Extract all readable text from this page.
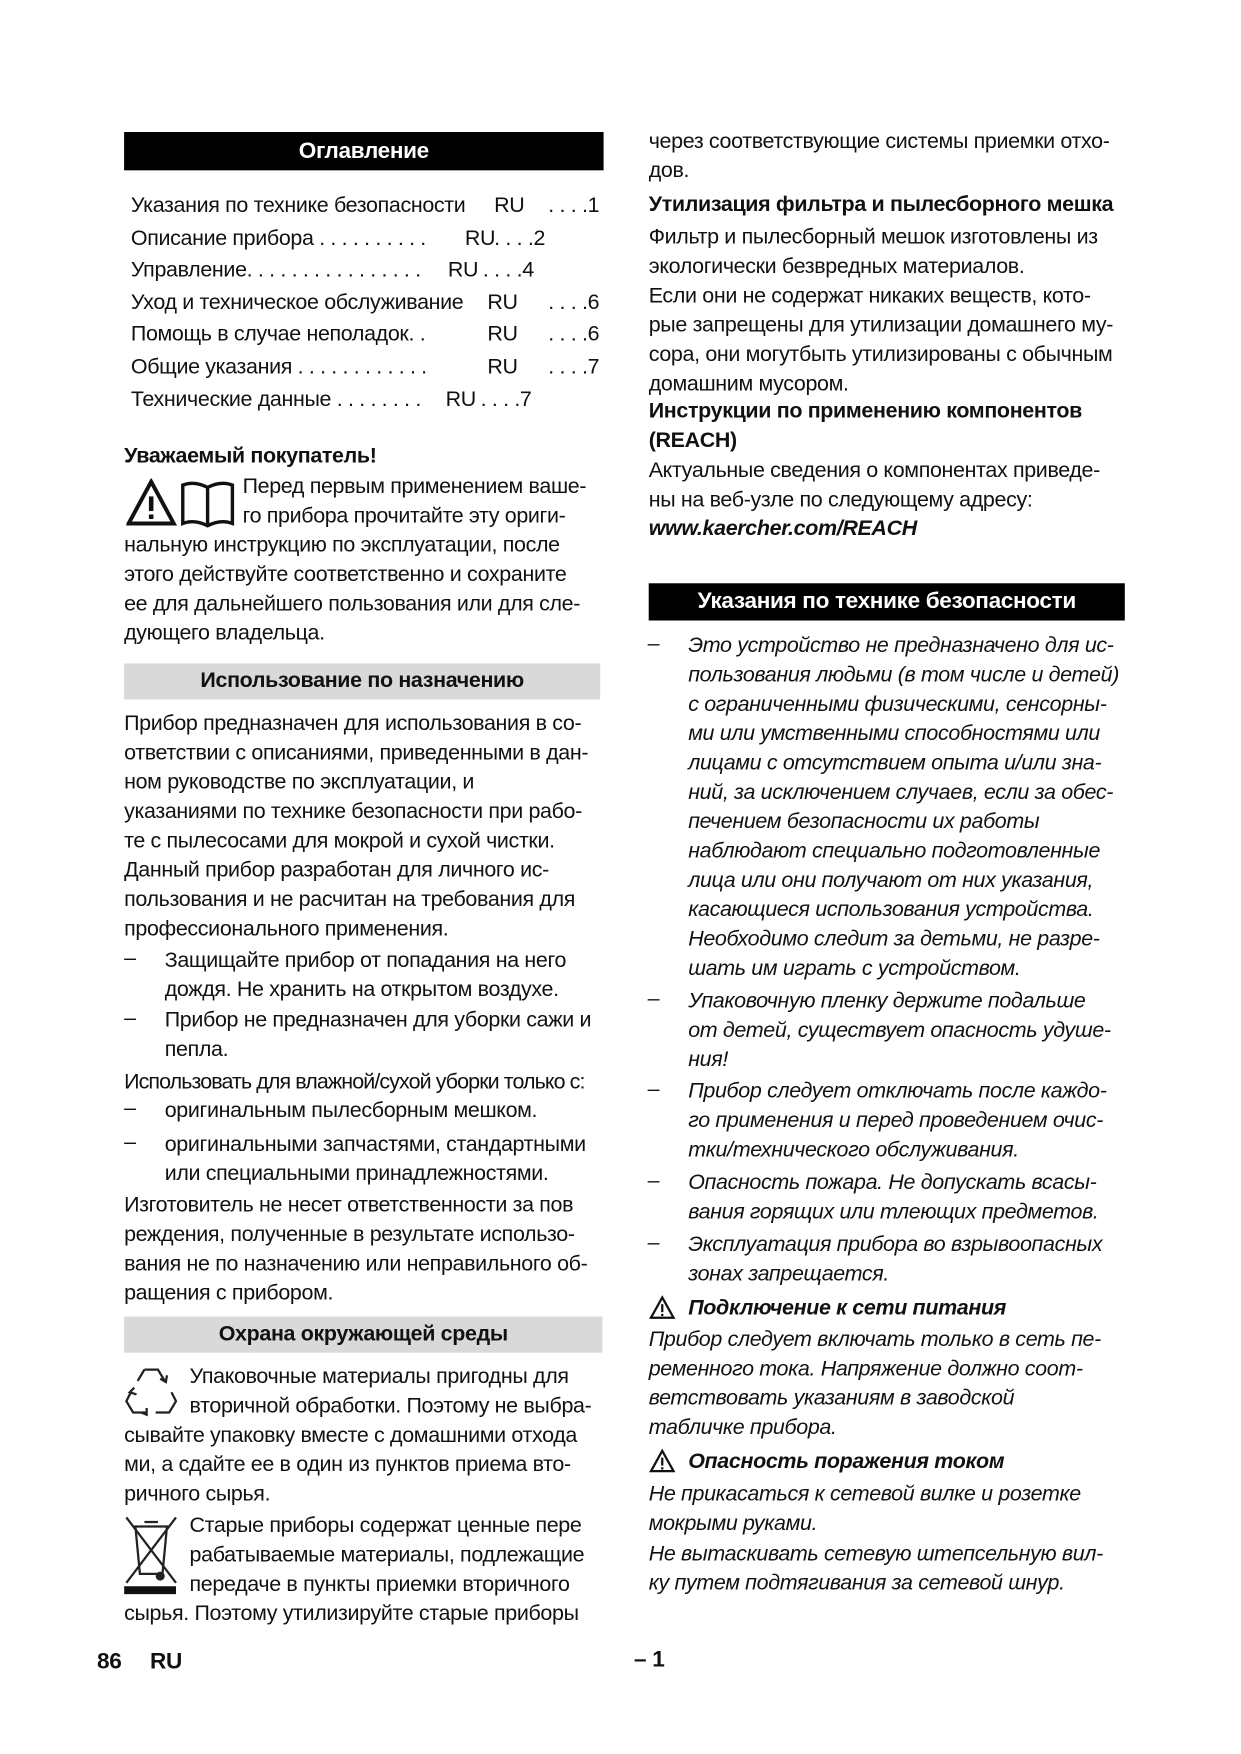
Оглавление
Указания по технике безопасности RU . . . .1
Описание прибора . . . . . . . . . . RU . . . .2
Управление. . . . . . . . . . . . . . . . RU . . . .4
Уход и техническое обслуживание RU . . . .6
Помощь в случае неполадок. .	RU . . . .6
Общие указания . . . . . . . . . . . .	RU . . . .7
Технические данные . . . . . . . . RU . . . .7
Уважаемый покупатель!
Перед первым применением ваше-
го прибора прочитайте эту ориги-
нальную инструкцию по эксплуатации, после
этого действуйте соответственно и сохраните
ее для дальнейшего пользования или для сле-
дующего владельца.
Использование по назначению
Прибор предназначен для использования в со-
ответствии с описаниями, приведенными в дан-
ном руководстве по эксплуатации, и
указаниями по технике безопасности при рабо-
те с пылесосами для мокрой и сухой чистки.
Данный прибор разработан для личного ис-
пользования и не расчитан на требования для
профессионального применения.
– Защищайте прибор от попадания на него
дождя. Не хранить на открытом воздухе.
– Прибор не предназначен для уборки сажи и
пепла.
Использовать для влажной/сухой уборки только с:
– оригинальным пылесборным мешком.
– оригинальными запчастями, стандартными
или специальными принадлежностями.
Изготовитель не несет ответственности за пов
реждения, полученные в результате использо-
вания не по назначению или неправильного об-
ращения с прибором.
Охрана окружающей среды
Упаковочные материалы пригодны для
вторичной обработки. Поэтому не выбра-
сывайте упаковку вместе с домашними отхода
ми, а сдайте ее в один из пунктов приема вто-
ричного сырья.
Старые приборы содержат ценные пере
рабатываемые материалы, подлежащие
передаче в пункты приемки вторичного
сырья. Поэтому утилизируйте старые приборы
через соответствующие системы приемки отхо-
дов.
Утилизация фильтра и пылесборного мешка
Фильтр и пылесборный мешок изготовлены из
экологически безвредных материалов.
Если они не содержат никаких веществ, кото-
рые запрещены для утилизации домашнего му-
сора, они могутбыть утилизированы с обычным
домашним мусором.
Инструкции по применению компонентов
(REACH)
Актуальные сведения о компонентах приведе-
ны на веб-узле по следующему адресу:
www.kaercher.com/REACH
Указания по технике безопасности
– Это устройство не предназначено для ис-
пользования людьми (в том числе и детей)
с ограниченными физическими, сенсорны-
ми или умственными способностями или
лицами с отсутствием опыта и/или зна-
ний, за исключением случаев, если за обес-
печением безопасности их работы
наблюдают специально подготовленные
лица или они получают от них указания,
касающиеся использования устройства.
Необходимо следит за детьми, не разре-
шать им играть с устройством.
– Упаковочную пленку держите подальше
от детей, существует опасность удуше-
ния!
– Прибор следует отключать после каждо-
го применения и перед проведением очис-
тки/технического обслуживания.
– Опасность пожара. Не допускать всасы-
вания горящих или тлеющих предметов.
– Эксплуатация прибора во взрывоопасных
зонах запрещается.
Подключение к сети питания
Прибор следует включать только в сеть пе-
ременного тока. Напряжение должно соот-
ветствовать указаниям в заводской
табличке прибора.
Опасность поражения током
Не прикасаться к сетевой вилке и розетке
мокрыми руками.
Не вытаскивать сетевую штепсельную вил-
ку путем подтягивания за сетевой шнур.
86 RU	– 1
